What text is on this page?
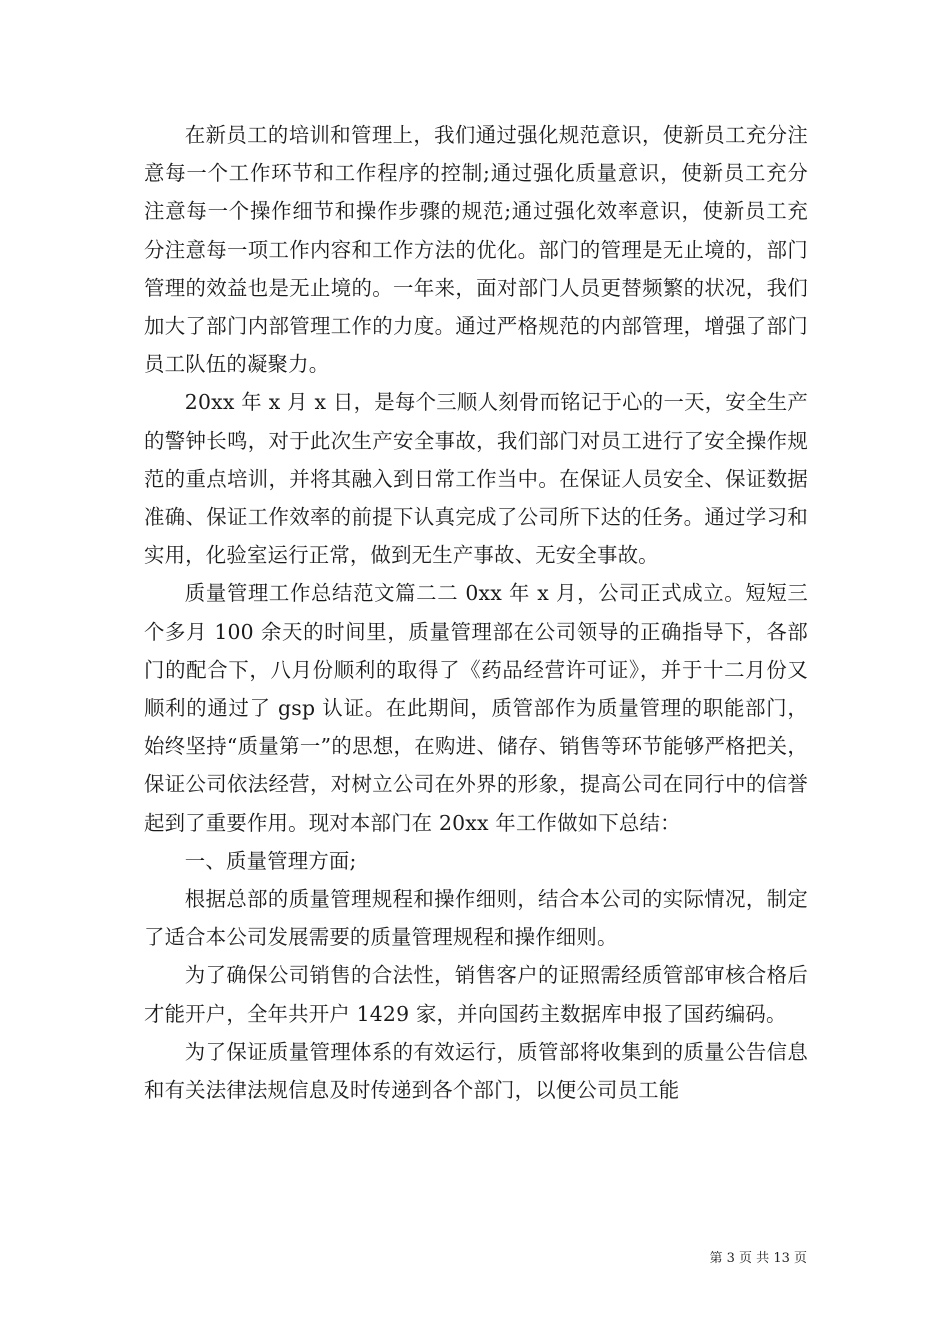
在新员工的培训和管理上，我们通过强化规范意识，使新员工充分注意每一个工作环节和工作程序的控制;通过强化质量意识，使新员工充分注意每一个操作细节和操作步骤的规范;通过强化效率意识，使新员工充分注意每一项工作内容和工作方法的优化。部门的管理是无止境的，部门管理的效益也是无止境的。一年来，面对部门人员更替频繁的状况，我们加大了部门内部管理工作的力度。通过严格规范的内部管理，增强了部门员工队伍的凝聚力。

20xx 年 x 月 x 日，是每个三顺人刻骨而铭记于心的一天，安全生产的警钟长鸣，对于此次生产安全事故，我们部门对员工进行了安全操作规范的重点培训，并将其融入到日常工作当中。在保证人员安全、保证数据准确、保证工作效率的前提下认真完成了公司所下达的任务。通过学习和实用，化验室运行正常，做到无生产事故、无安全事故。

质量管理工作总结范文篇二二 0xx 年 x 月，公司正式成立。短短三个多月 100 余天的时间里，质量管理部在公司领导的正确指导下，各部门的配合下，八月份顺利的取得了《药品经营许可证》，并于十二月份又顺利的通过了 gsp 认证。在此期间，质管部作为质量管理的职能部门，始终坚持“质量第一”的思想，在购进、储存、销售等环节能够严格把关，保证公司依法经营，对树立公司在外界的形象，提高公司在同行中的信誉起到了重要作用。现对本部门在 20xx 年工作做如下总结：

一、质量管理方面;

根据总部的质量管理规程和操作细则，结合本公司的实际情况，制定了适合本公司发展需要的质量管理规程和操作细则。

为了确保公司销售的合法性，销售客户的证照需经质管部审核合格后才能开户，全年共开户 1429 家，并向国药主数据库申报了国药编码。

为了保证质量管理体系的有效运行，质管部将收集到的质量公告信息和有关法律法规信息及时传递到各个部门，以便公司员工能

第 3 页 共 13 页
